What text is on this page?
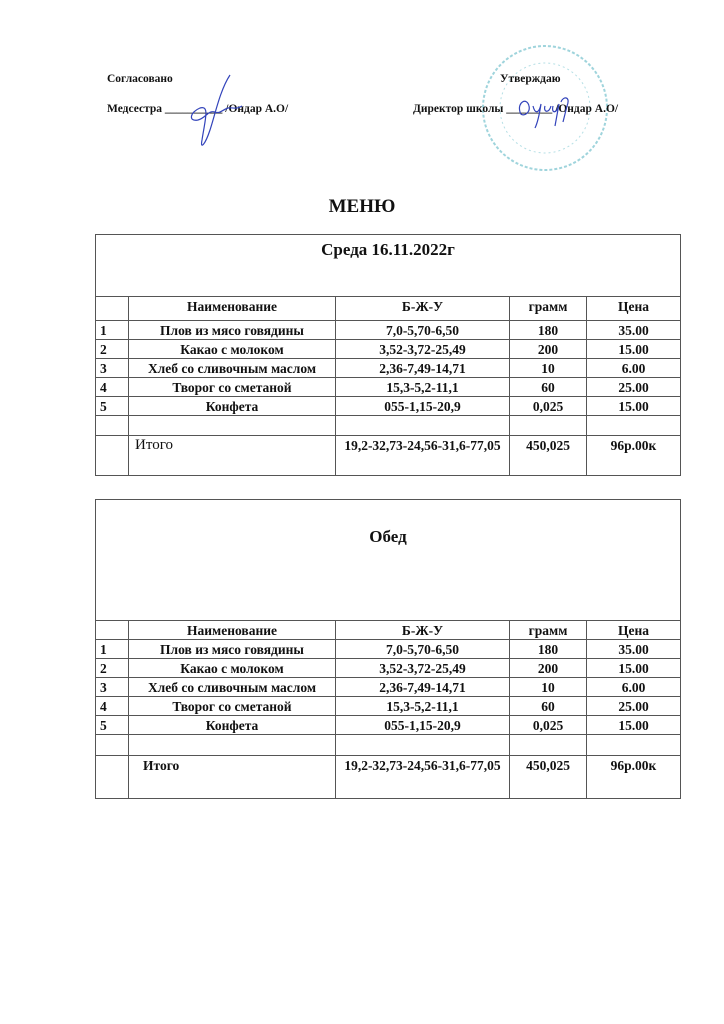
Согласовано
Медсестра __________ /Ондар А.О/
Утверждаю
Директор школы ________ /Ондар А.О/
МЕНЮ
Среда 16.11.2022г				
	Наименование	Б-Ж-У	грамм	Цена
1	Плов из мясо говядины	7,0-5,70-6,50	180	35.00
2	Какао с молоком	3,52-3,72-25,49	200	15.00
3	Хлеб со сливочным маслом	2,36-7,49-14,71	10	6.00
4	Творог со сметаной	15,3-5,2-11,1	60	25.00
5	Конфета	055-1,15-20,9	0,025	15.00

	Итого	19,2-32,73-24,56-31,6-77,05	450,025	96р.00к
Обед				
	Наименование	Б-Ж-У	грамм	Цена
1	Плов из мясо говядины	7,0-5,70-6,50	180	35.00
2	Какао с молоком	3,52-3,72-25,49	200	15.00
3	Хлеб со сливочным маслом	2,36-7,49-14,71	10	6.00
4	Творог со сметаной	15,3-5,2-11,1	60	25.00
5	Конфета	055-1,15-20,9	0,025	15.00

	Итого	19,2-32,73-24,56-31,6-77,05	450,025	96р.00к
